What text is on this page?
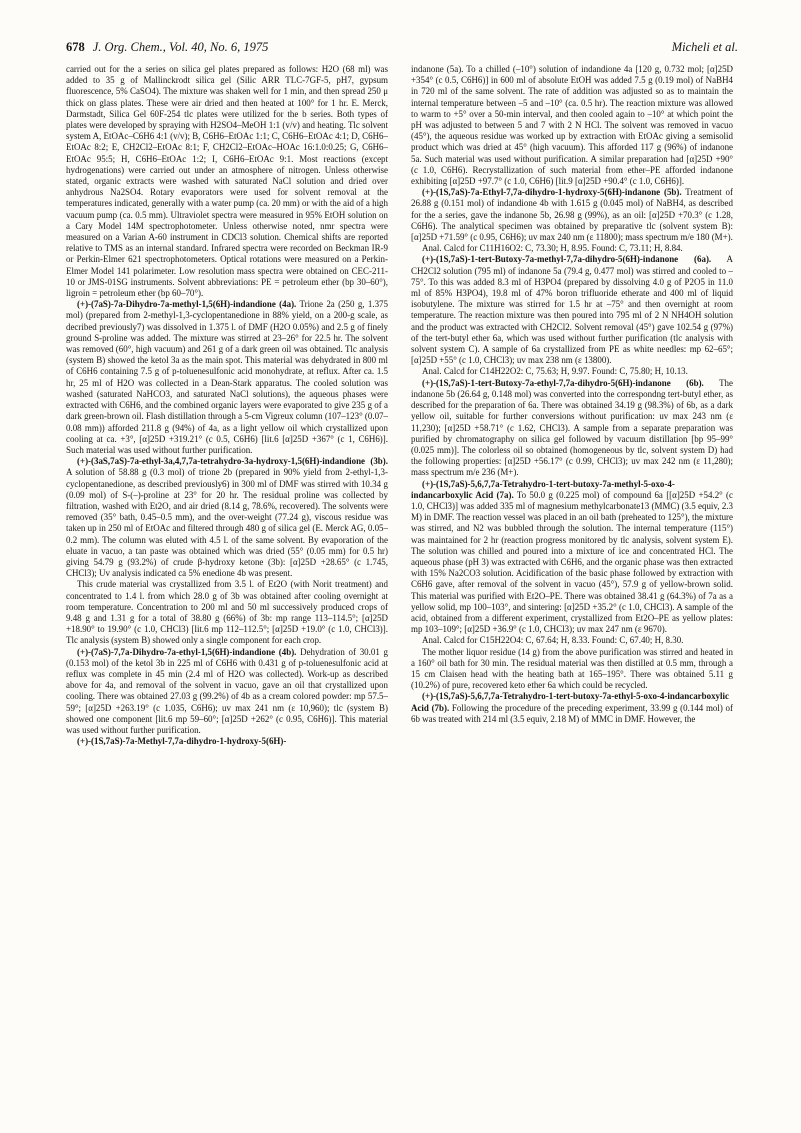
678 J. Org. Chem., Vol. 40, No. 6, 1975	Micheli et al.

carried out for the a series on silica gel plates prepared as follows: H2O (68 ml) was added to 35 g of Mallinckrodt silica gel (Silic ARR TLC-7GF-5, pH7, gypsum fluorescence, 5% CaSO4). The mixture was shaken well for 1 min, and then spread 250 μ thick on glass plates. These were air dried and then heated at 100° for 1 hr. E. Merck, Darmstadt, Silica Gel 60F-254 tlc plates were utilized for the b series. Both types of plates were developed by spraying with H2SO4–MeOH 1:1 (v/v) and heating. Tlc solvent system A, EtOAc–C6H6 4:1 (v/v); B, C6H6–EtOAc 1:1; C, C6H6–EtOAc 4:1; D, C6H6–EtOAc 8:2; E, CH2Cl2–EtOAc 8:1; F, CH2Cl2–EtOAc–HOAc 16:1.0:0.25; G, C6H6–EtOAc 95:5; H, C6H6–EtOAc 1:2; I, C6H6–EtOAc 9:1. Most reactions (except hydrogenations) were carried out under an atmosphere of nitrogen. Unless otherwise stated, organic extracts were washed with saturated NaCl solution and dried over anhydrous Na2SO4. Rotary evaporators were used for solvent removal at the temperatures indicated, generally with a water pump (ca. 20 mm) or with the aid of a high vacuum pump (ca. 0.5 mm). Ultraviolet spectra were measured in 95% EtOH solution on a Cary Model 14M spectrophotometer. Unless otherwise noted, nmr spectra were measured on a Varian A-60 instrument in CDCl3 solution. Chemical shifts are reported relative to TMS as an internal standard. Infrared spectra were recorded on Beckman IR-9 or Perkin-Elmer 621 spectrophotometers. Optical rotations were measured on a Perkin-Elmer Model 141 polarimeter. Low resolution mass spectra were obtained on CEC-211-10 or JMS-01SG instruments. Solvent abbreviations: PE = petroleum ether (bp 30–60°), ligroin = petroleum ether (bp 60–70°).

(+)-(7aS)-7a-Dihydro-7a-methyl-1,5(6H)-indandione (4a). Trione 2a (250 g, 1.375 mol) (prepared from 2-methyl-1,3-cyclopentanedione in 88% yield, on a 200-g scale, as decribed previously7) was dissolved in 1.375 l. of DMF (H2O 0.05%) and 2.5 g of finely ground S-proline was added. The mixture was stirred at 23–26° for 22.5 hr. The solvent was removed (60°, high vacuum) and 261 g of a dark green oil was obtained. Tlc analysis (system B) showed the ketol 3a as the main spot. This material was dehydrated in 800 ml of C6H6 containing 7.5 g of p-toluenesulfonic acid monohydrate, at reflux. After ca. 1.5 hr, 25 ml of H2O was collected in a Dean-Stark apparatus. The cooled solution was washed (saturated NaHCO3, and saturated NaCl solutions), the aqueous phases were extracted with C6H6, and the combined organic layers were evaporated to give 235 g of a dark green-brown oil. Flash distillation through a 5-cm Vigreux column (107–123° (0.07–0.08 mm)) afforded 211.8 g (94%) of 4a, as a light yellow oil which crystallized upon cooling at ca. +3°, [α]25D +319.21° (c 0.5, C6H6) [lit.6 [α]25D +367° (c 1, C6H6)]. Such material was used without further purification.

(+)-(3aS,7aS)-7a-ethyl-3a,4,7,7a-tetrahydro-3a-hydroxy-1,5(6H)-indandione (3b). A solution of 58.88 g (0.3 mol) of trione 2b (prepared in 90% yield from 2-ethyl-1,3-cyclopentanedione, as described previously6) in 300 ml of DMF was stirred with 10.34 g (0.09 mol) of S-(–)-proline at 23° for 20 hr. The residual proline was collected by filtration, washed with Et2O, and air dried (8.14 g, 78.6%, recovered). The solvents were removed (35° bath, 0.45–0.5 mm), and the over-weight (77.24 g), viscous residue was taken up in 250 ml of EtOAc and filtered through 480 g of silica gel (E. Merck AG, 0.05–0.2 mm). The column was eluted with 4.5 l. of the same solvent. By evaporation of the eluate in vacuo, a tan paste was obtained which was dried (55° (0.05 mm) for 0.5 hr) giving 54.79 g (93.2%) of crude β-hydroxy ketone (3b): [α]25D +28.65° (c 1.745, CHCl3); Uv analysis indicated ca 5% enedione 4b was present.

This crude material was crystallized from 3.5 l. of Et2O (with Norit treatment) and concentrated to 1.4 l. from which 28.0 g of 3b was obtained after cooling overnight at room temperature. Concentration to 200 ml and 50 ml successively produced crops of 9.48 g and 1.31 g for a total of 38.80 g (66%) of 3b: mp range 113–114.5°; [α]25D +18.90° to 19.90° (c 1.0, CHCl3) [lit.6 mp 112–112.5°; [α]25D +19.0° (c 1.0, CHCl3)]. Tlc analysis (system B) showed only a single component for each crop.

(+)-(7aS)-7,7a-Dihydro-7a-ethyl-1,5(6H)-indandione (4b). Dehydration of 30.01 g (0.153 mol) of the ketol 3b in 225 ml of C6H6 with 0.431 g of p-toluenesulfonic acid at reflux was complete in 45 min (2.4 ml of H2O was collected). Work-up as described above for 4a, and removal of the solvent in vacuo, gave an oil that crystallized upon cooling. There was obtained 27.03 g (99.2%) of 4b as a cream colored powder: mp 57.5–59°; [α]25D +263.19° (c 1.035, C6H6); uv max 241 nm (ε 10,960); tlc (system B) showed one component [lit.6 mp 59–60°; [α]25D +262° (c 0.95, C6H6)]. This material was used without further purification.

(+)-(1S,7aS)-7a-Methyl-7,7a-dihydro-1-hydroxy-5(6H)-

indanone (5a). To a chilled (–10°) solution of indandione 4a [120 g, 0.732 mol; [α]25D +354° (c 0.5, C6H6)] in 600 ml of absolute EtOH was added 7.5 g (0.19 mol) of NaBH4 in 720 ml of the same solvent. The rate of addition was adjusted so as to maintain the internal temperature between –5 and –10° (ca. 0.5 hr). The reaction mixture was allowed to warm to +5° over a 50-min interval, and then cooled again to –10° at which point the pH was adjusted to between 5 and 7 with 2 N HCl. The solvent was removed in vacuo (45°), the aqueous residue was worked up by extraction with EtOAc giving a semisolid product which was dried at 45° (high vacuum). This afforded 117 g (96%) of indanone 5a. Such material was used without purification. A similar preparation had [α]25D +90° (c 1.0, C6H6). Recrystallization of such material from ether–PE afforded indanone exhibiting [α]25D +97.7° (c 1.0, C6H6) [lit.9 [α]25D +90.4° (c 1.0, C6H6)].

(+)-(1S,7aS)-7a-Ethyl-7,7a-dihydro-1-hydroxy-5(6H)-indanone (5b). Treatment of 26.88 g (0.151 mol) of indandione 4b with 1.615 g (0.045 mol) of NaBH4, as described for the a series, gave the indanone 5b, 26.98 g (99%), as an oil: [α]25D +70.3° (c 1.28, C6H6). The analytical specimen was obtained by preparative tlc (solvent system B): [α]25D +71.59° (c 0.95, C6H6); uv max 240 nm (ε 11800); mass spectrum m/e 180 (M+).

Anal. Calcd for C11H16O2: C, 73.30; H, 8.95. Found: C, 73.11; H, 8.84.

(+)-(1S,7aS)-1-tert-Butoxy-7a-methyl-7,7a-dihydro-5(6H)-indanone (6a). A CH2Cl2 solution (795 ml) of indanone 5a (79.4 g, 0.477 mol) was stirred and cooled to –75°. To this was added 8.3 ml of H3PO4 (prepared by dissolving 4.0 g of P2O5 in 11.0 ml of 85% H3PO4), 19.8 ml of 47% boron trifluoride etherate and 400 ml of liquid isobutylene. The mixture was stirred for 1.5 hr at –75° and then overnight at room temperature. The reaction mixture was then poured into 795 ml of 2 N NH4OH solution and the product was extracted with CH2Cl2. Solvent removal (45°) gave 102.54 g (97%) of the tert-butyl ether 6a, which was used without further purification (tlc analysis with solvent system C). A sample of 6a crystallized from PE as white needles: mp 62–65°; [α]25D +55° (c 1.0, CHCl3); uv max 238 nm (ε 13800).

Anal. Calcd for C14H22O2: C, 75.63; H, 9.97. Found: C, 75.80; H, 10.13.

(+)-(1S,7aS)-1-tert-Butoxy-7a-ethyl-7,7a-dihydro-5(6H)-indanone (6b). The indanone 5b (26.64 g, 0.148 mol) was converted into the correspondng tert-butyl ether, as described for the preparation of 6a. There was obtained 34.19 g (98.3%) of 6b, as a dark yellow oil, suitable for further conversions without purification: uv max 243 nm (ε 11,230); [α]25D +58.71° (c 1.62, CHCl3). A sample from a separate preparation was purified by chromatography on silica gel followed by vacuum distillation [bp 95–99° (0.025 mm)]. The colorless oil so obtained (homogeneous by tlc, solvent system D) had the following properties: [α]25D +56.17° (c 0.99, CHCl3); uv max 242 nm (ε 11,280); mass spectrum m/e 236 (M+).

(+)-(1S,7aS)-5,6,7,7a-Tetrahydro-1-tert-butoxy-7a-methyl-5-oxo-4-indancarboxylic Acid (7a). To 50.0 g (0.225 mol) of compound 6a [[α]25D +54.2° (c 1.0, CHCl3)] was added 335 ml of magnesium methylcarbonate13 (MMC) (3.5 equiv, 2.3 M) in DMF. The reaction vessel was placed in an oil bath (preheated to 125°), the mixture was stirred, and N2 was bubbled through the solution. The internal temperature (115°) was maintained for 2 hr (reaction progress monitored by tlc analysis, solvent system E). The solution was chilled and poured into a mixture of ice and concentrated HCl. The aqueous phase (pH 3) was extracted with C6H6, and the organic phase was then extracted with 15% Na2CO3 solution. Acidification of the basic phase followed by extraction with C6H6 gave, after removal of the solvent in vacuo (45°), 57.9 g of yellow-brown solid. This material was purified with Et2O–PE. There was obtained 38.41 g (64.3%) of 7a as a yellow solid, mp 100–103°, and sintering: [α]25D +35.2° (c 1.0, CHCl3). A sample of the acid, obtained from a different experiment, crystallized from Et2O–PE as yellow plates: mp 103–109°; [α]25D +36.9° (c 1.0, CHCl3); uv max 247 nm (ε 9670).

Anal. Calcd for C15H22O4: C, 67.64; H, 8.33. Found: C, 67.40; H, 8.30.

The mother liquor residue (14 g) from the above purification was stirred and heated in a 160° oil bath for 30 min. The residual material was then distilled at 0.5 mm, through a 15 cm Claisen head with the heating bath at 165–195°. There was obtained 5.11 g (10.2%) of pure, recovered keto ether 6a which could be recycled.

(+)-(1S,7aS)-5,6,7,7a-Tetrahydro-1-tert-butoxy-7a-ethyl-5-oxo-4-indancarboxylic Acid (7b). Following the procedure of the preceding experiment, 33.99 g (0.144 mol) of 6b was treated with 214 ml (3.5 equiv, 2.18 M) of MMC in DMF. However, the
